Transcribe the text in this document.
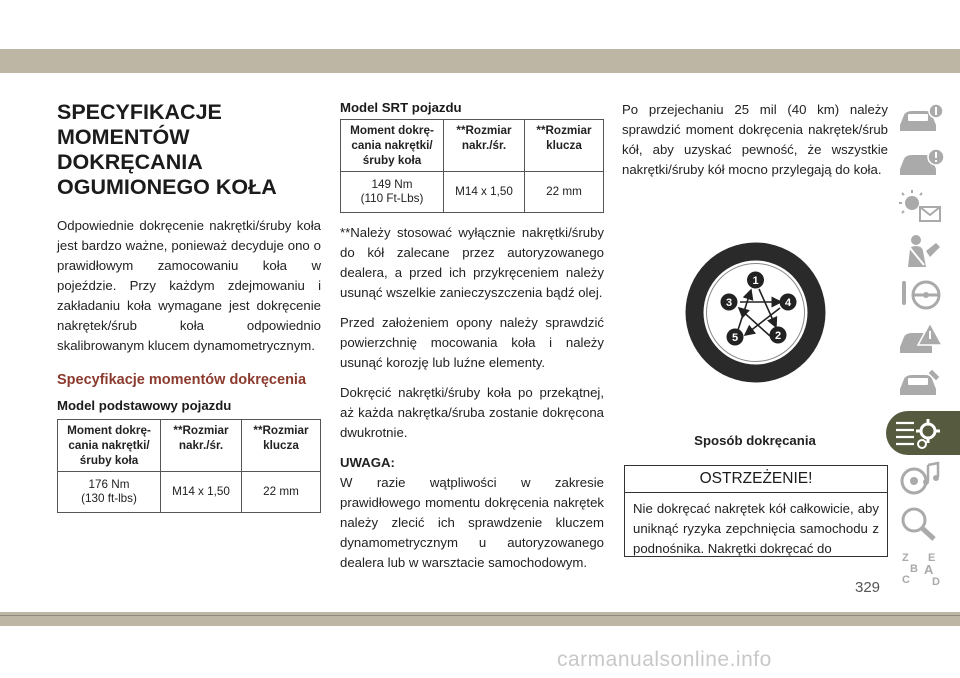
SPECYFIKACJE
MOMENTÓW DOKRĘCANIA
OGUMIONEGO KOŁA

Odpowiednie dokręcenie nakrętki/śruby koła jest bardzo ważne, ponieważ decyduje ono o prawidłowym zamocowaniu koła w pojeździe. Przy każdym zdejmowaniu i zakładaniu koła wymagane jest dokręcenie nakrętek/śrub koła odpowiednio skalibrowanym klucem dynamometrycznym.

Specyfikacje momentów dokręcenia
Model podstawowy pojazdu
Moment dokrę-cania nakrętki/śruby koła	**Rozmiar nakr./śr.	**Rozmiar klucza
176 Nm
(130 ft-lbs)	M14 x 1,50	22 mm
Model SRT pojazdu
Moment dokrę-cania nakrętki/śruby koła	**Rozmiar nakr./śr.	**Rozmiar klucza
149 Nm
(110 Ft-Lbs)	M14 x 1,50	22 mm

**Należy stosować wyłącznie nakrętki/śruby do kół zalecane przez autoryzowanego dealera, a przed ich przykręceniem należy usunąć wszelkie zanieczyszczenia bądź olej.

Przed założeniem opony należy sprawdzić powierzchnię mocowania koła i należy usunąć korozję lub luźne elementy.

Dokręcić nakrętki/śruby koła po przekątnej, aż każda nakrętka/śruba zostanie dokręcona dwukrotnie.

UWAGA:
W razie wątpliwości w zakresie prawidłowego momentu dokręcenia nakrętek należy zlecić ich sprawdzenie kluczem dynamometrycznym u autoryzowanego dealera lub w warsztacie samochodowym.

Po przejechaniu 25 mil (40 km) należy sprawdzić moment dokręcenia nakrętek/śrub kół, aby uzyskać pewność, że wszystkie nakrętki/śruby kół mocno przylegają do koła.

1
2
3	4
5
Sposób dokręcania
OSTRZEŻENIE!
Nie dokręcać nakrętek kół całkowicie, aby uniknąć ryzyka zepchnięcia samochodu z podnośnika. Nakrętki dokręcać do
Z E
B A
C D
329
carmanualsonline.info
